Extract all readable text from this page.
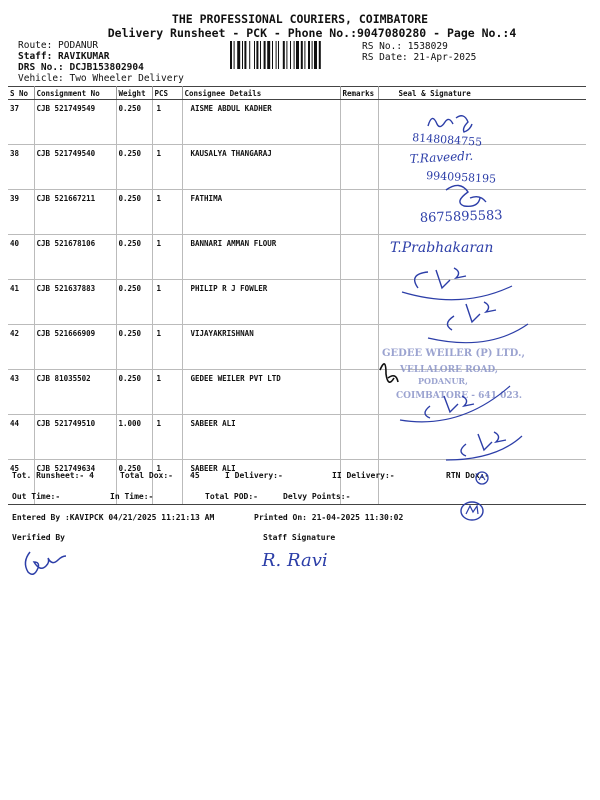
THE PROFESSIONAL COURIERS, COIMBATORE
Delivery Runsheet - PCK - Phone No.:9047080280 - Page No.:4
Route: PODANUR
Staff: RAVIKUMAR
DRS No.: DCJB153802904
Vehicle: Two Wheeler Delivery
RS No.: 1538029
RS Date: 21-Apr-2025
S No	Consignment No	Weight	PCS	Consignee Details	Remarks	Seal & Signature
37	CJB 521749549	0.250	1	AISME ABDUL KADHER		
38	CJB 521749540	0.250	1	KAUSALYA THANGARAJ		
39	CJB 521667211	0.250	1	FATHIMA		
40	CJB 521678106	0.250	1	BANNARI AMMAN FLOUR		
41	CJB 521637883	0.250	1	PHILIP R J FOWLER		
42	CJB 521666909	0.250	1	VIJAYAKRISHNAN		
43	CJB 81035502	0.250	1	GEDEE WEILER PVT LTD		
44	CJB 521749510	1.000	1	SABEER ALI		
45	CJB 521749634	0.250	1	SABEER ALI		
Tot. Runsheet:- 4	Total Dox:- 45	I Delivery:-	II Delivery:-	RTN Dox:-
Out Time:-	In Time:-	Total POD:-	Delvy Points:-
Entered By :KAVIPCK 04/21/2025 11:21:13 AM	Printed On: 21-04-2025 11:30:02
Verified By	Staff Signature
8148084755
T.Raveedr.
9940958195
8675895583
T.Prabhakaran
GEDEE WEILER (P) LTD.,
VELLALORE ROAD,
PODANUR,
COIMBATORE - 641 023.
R. Ravi
